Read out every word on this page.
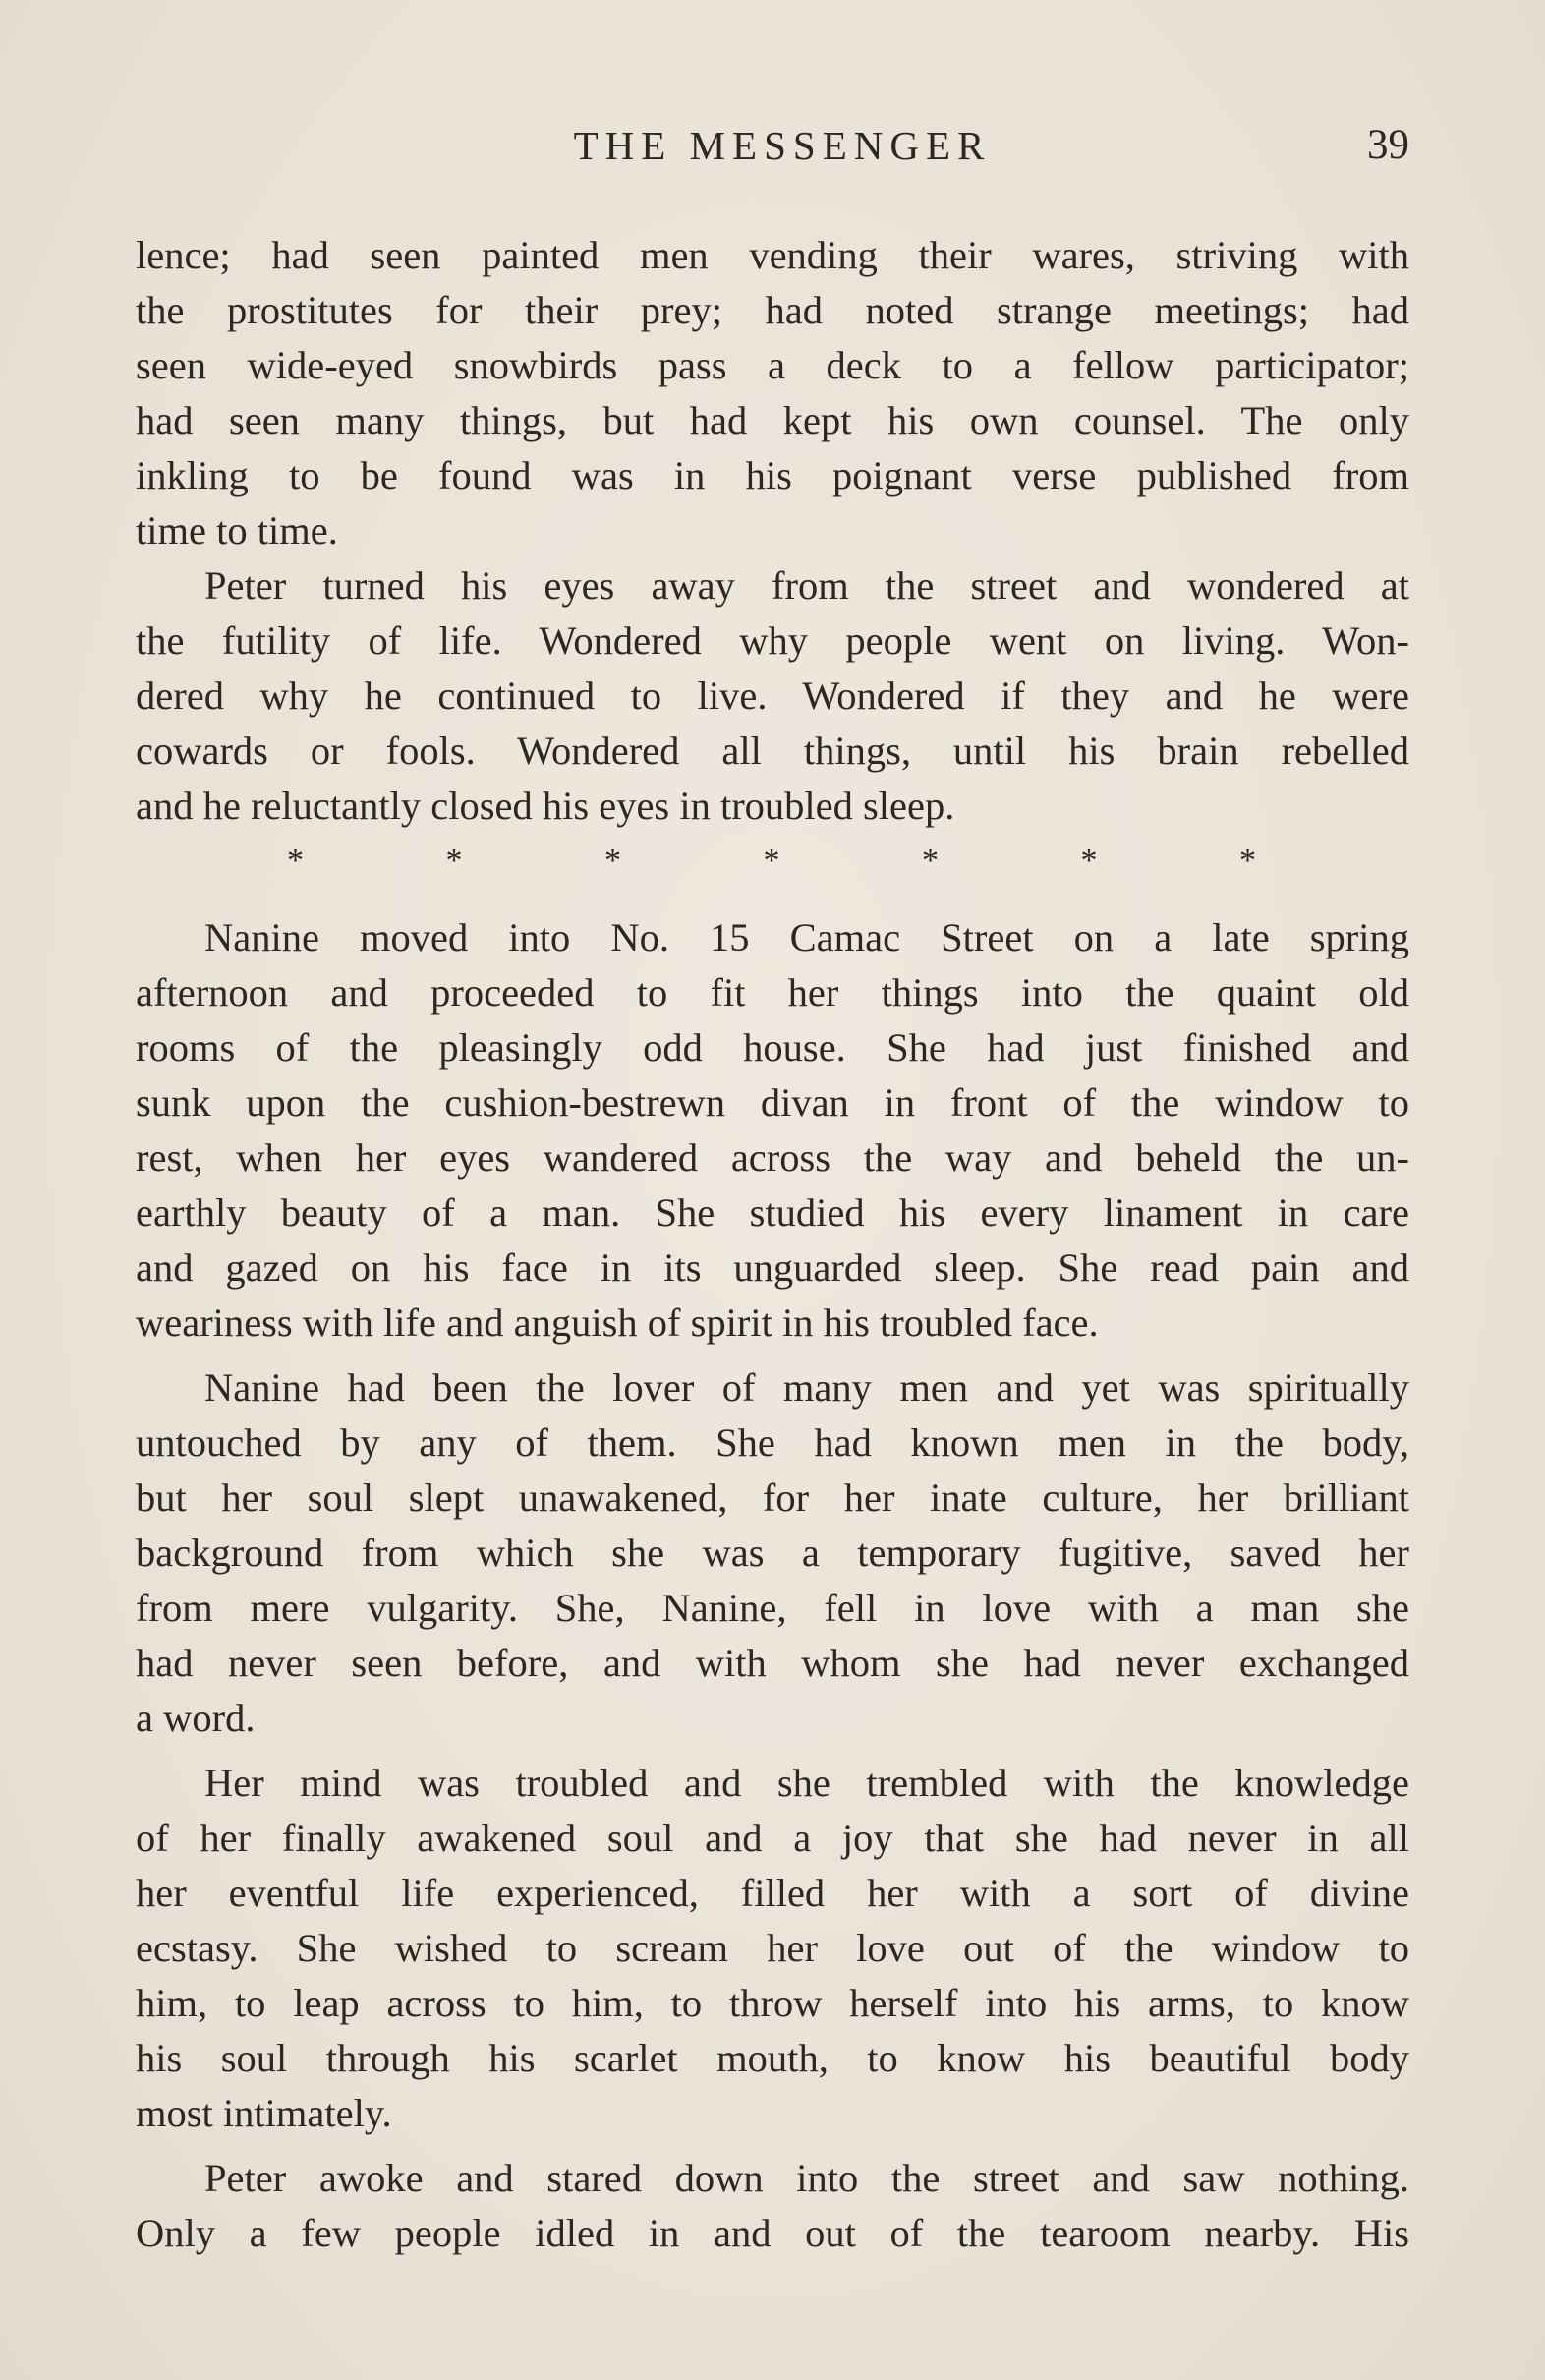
THE MESSENGER	39
lence; had seen painted men vending their wares, striving with
the prostitutes for their prey; had noted strange meetings; had
seen wide-eyed snowbirds pass a deck to a fellow participator;
had seen many things, but had kept his own counsel. The only
inkling to be found was in his poignant verse published from
time to time.
Peter turned his eyes away from the street and wondered at
the futility of life. Wondered why people went on living. Won-
dered why he continued to live. Wondered if they and he were
cowards or fools. Wondered all things, until his brain rebelled
and he reluctantly closed his eyes in troubled sleep.
*	*	*	*	*	*	*
Nanine moved into No. 15 Camac Street on a late spring
afternoon and proceeded to fit her things into the quaint old
rooms of the pleasingly odd house. She had just finished and
sunk upon the cushion-bestrewn divan in front of the window to
rest, when her eyes wandered across the way and beheld the un-
earthly beauty of a man. She studied his every linament in care
and gazed on his face in its unguarded sleep. She read pain and
weariness with life and anguish of spirit in his troubled face.
Nanine had been the lover of many men and yet was spiritually
untouched by any of them. She had known men in the body,
but her soul slept unawakened, for her inate culture, her brilliant
background from which she was a temporary fugitive, saved her
from mere vulgarity. She, Nanine, fell in love with a man she
had never seen before, and with whom she had never exchanged
a word.
Her mind was troubled and she trembled with the knowledge
of her finally awakened soul and a joy that she had never in all
her eventful life experienced, filled her with a sort of divine
ecstasy. She wished to scream her love out of the window to
him, to leap across to him, to throw herself into his arms, to know
his soul through his scarlet mouth, to know his beautiful body
most intimately.
Peter awoke and stared down into the street and saw nothing.
Only a few people idled in and out of the tearoom nearby. His
